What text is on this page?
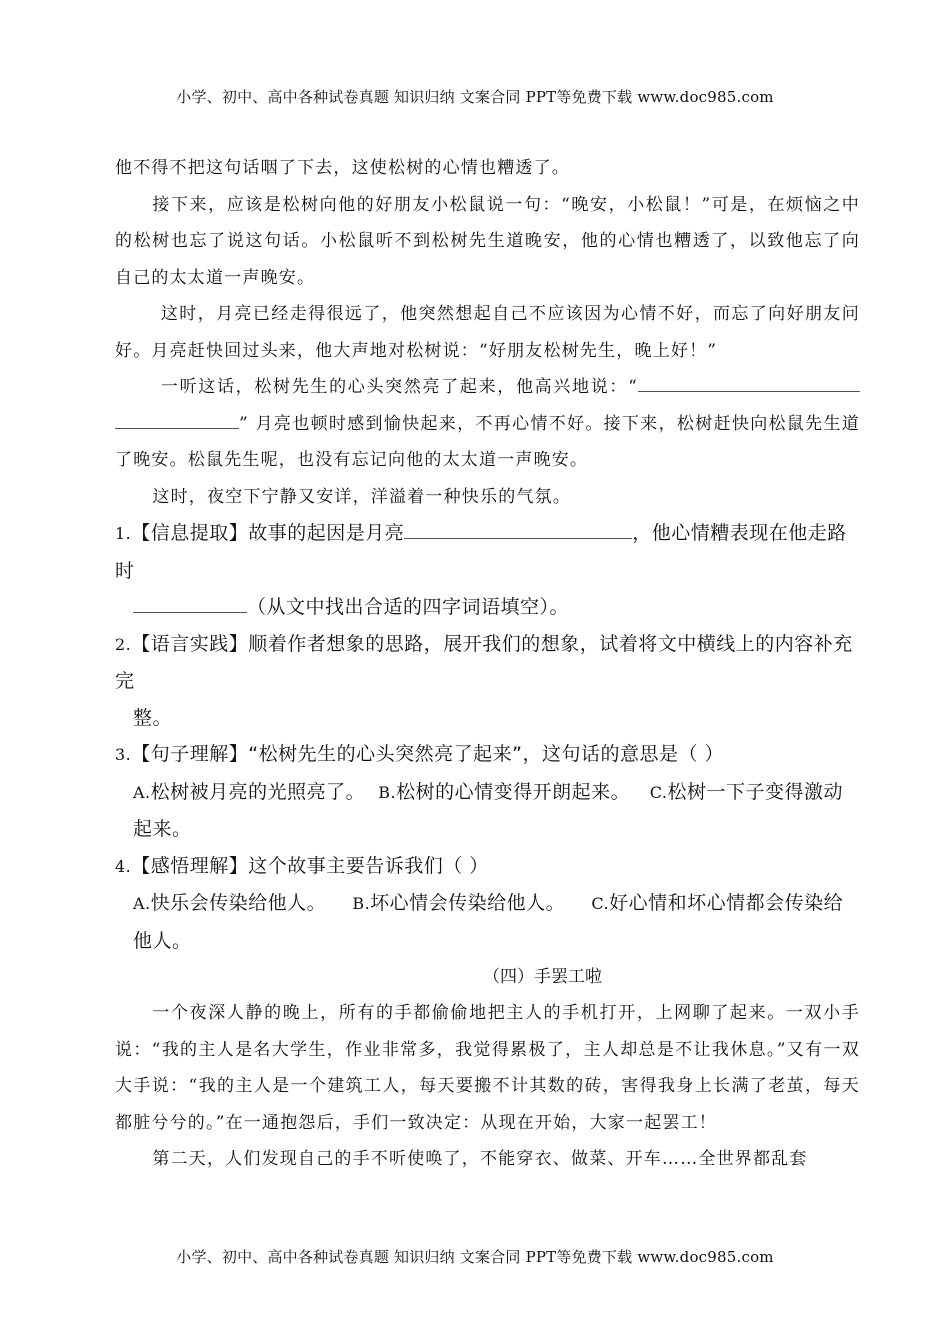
小学、初中、高中各种试卷真题 知识归纳 文案合同 PPT等免费下载 www.doc985.com

他不得不把这句话咽了下去，这使松树的心情也糟透了。

接下来，应该是松树向他的好朋友小松鼠说一句：“晚安，小松鼠！”可是，在烦恼之中的松树也忘了说这句话。小松鼠听不到松树先生道晚安，他的心情也糟透了，以致他忘了向自己的太太道一声晚安。

这时，月亮已经走得很远了，他突然想起自己不应该因为心情不好，而忘了向好朋友问好。月亮赶快回过头来，他大声地对松树说：“好朋友松树先生，晚上好！”

一听这话，松树先生的心头突然亮了起来，他高兴地说：“” 月亮也顿时感到愉快起来，不再心情不好。接下来，松树赶快向松鼠先生道了晚安。松鼠先生呢，也没有忘记向他的太太道一声晚安。

这时，夜空下宁静又安详，洋溢着一种快乐的气氛。

1.【信息提取】故事的起因是月亮	，他心情糟表现在他走路时

（从文中找出合适的四字词语填空）。

2.【语言实践】顺着作者想象的思路，展开我们的想象，试着将文中横线上的内容补充完

整。

3.【句子理解】“松树先生的心头突然亮了起来”，这句话的意思是（ ）

A.松树被月亮的光照亮了。 B.松树的心情变得开朗起来。 C.松树一下子变得激动起来。

4.【感悟理解】这个故事主要告诉我们（ ）

A.快乐会传染给他人。 B.坏心情会传染给他人。 C.好心情和坏心情都会传染给他人。

（四）手罢工啦

一个夜深人静的晚上，所有的手都偷偷地把主人的手机打开，上网聊了起来。一双小手说：“我的主人是名大学生，作业非常多，我觉得累极了，主人却总是不让我休息。”又有一双大手说：“我的主人是一个建筑工人，每天要搬不计其数的砖，害得我身上长满了老茧，每天都脏兮兮的。”在一通抱怨后，手们一致决定：从现在开始，大家一起罢工！

第二天，人们发现自己的手不听使唤了，不能穿衣、做菜、开车……全世界都乱套

小学、初中、高中各种试卷真题 知识归纳 文案合同 PPT等免费下载 www.doc985.com
